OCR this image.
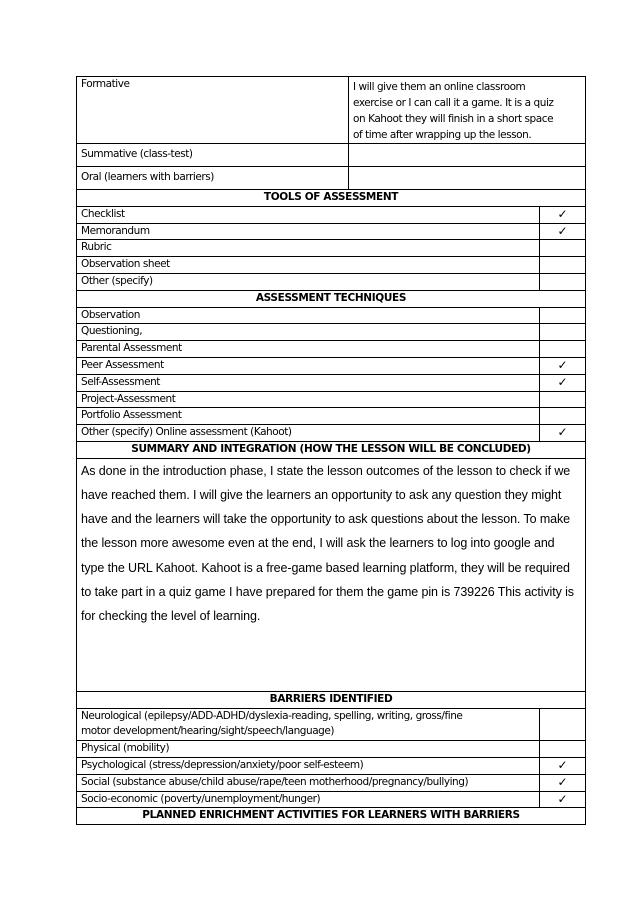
Formative	I will give them an online classroom
exercise or I can call it a game. It is a quiz
on Kahoot they will finish in a short space
of time after wrapping up the lesson.

Summative (class-test)	

Oral (learners with barriers)	

TOOLS OF ASSESSMENT
Checklist	✓
Memorandum	✓
Rubric	
Observation sheet	
Other (specify)	
ASSESSMENT TECHNIQUES
Observation	
Questioning,	
Parental Assessment	
Peer Assessment	✓
Self-Assessment	✓
Project-Assessment	
Portfolio Assessment	
Other (specify) Online assessment (Kahoot)	✓
SUMMARY AND INTEGRATION (HOW THE LESSON WILL BE CONCLUDED)
As done in the introduction phase, I state the lesson outcomes of the lesson to check if we have reached them. I will give the learners an opportunity to ask any question they might have and the learners will take the opportunity to ask questions about the lesson. To make the lesson more awesome even at the end, I will ask the learners to log into google and type the URL Kahoot. Kahoot is a free-game based learning platform, they will be required to take part in a quiz game I have prepared for them the game pin is 739226 This activity is for checking the level of learning.
BARRIERS IDENTIFIED
Neurological (epilepsy/ADD-ADHD/dyslexia-reading, spelling, writing, gross/fine
motor development/hearing/sight/speech/language)	
Physical (mobility)	
Psychological (stress/depression/anxiety/poor self-esteem)	✓
Social (substance abuse/child abuse/rape/teen motherhood/pregnancy/bullying)	✓
Socio-economic (poverty/unemployment/hunger)	✓
PLANNED ENRICHMENT ACTIVITIES FOR LEARNERS WITH BARRIERS
